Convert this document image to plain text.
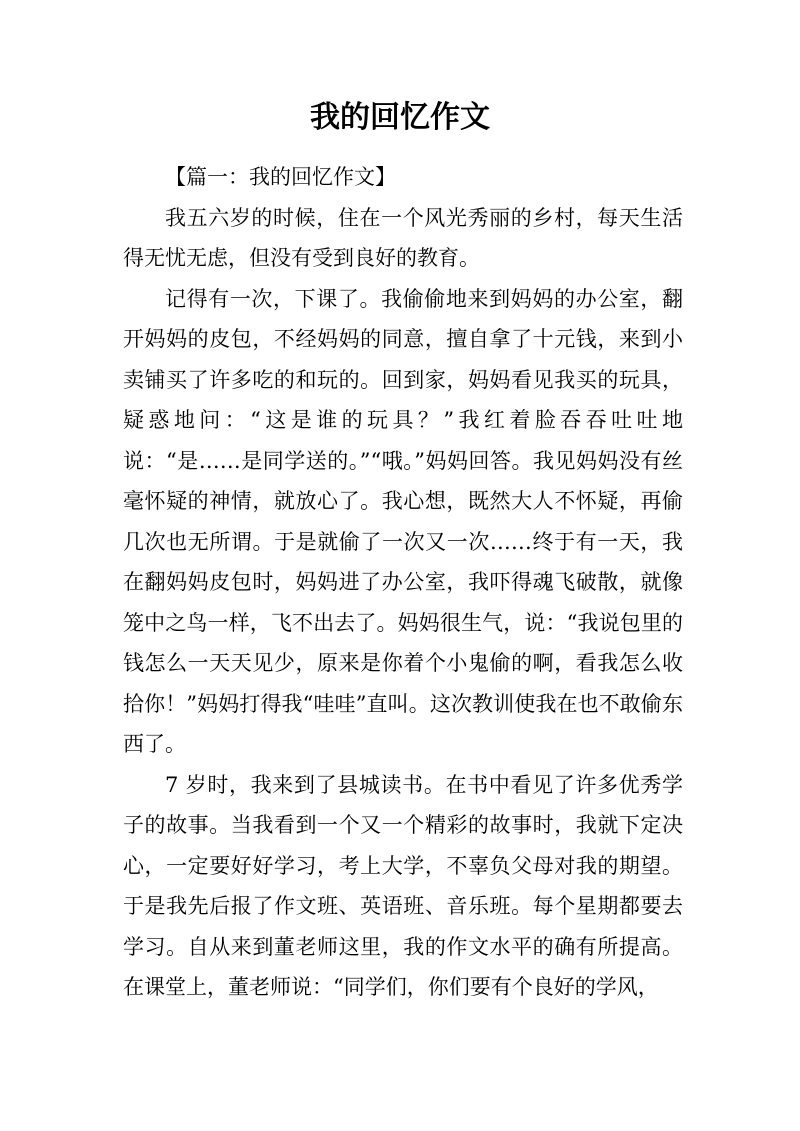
我的回忆作文

【篇一：我的回忆作文】

我五六岁的时候，住在一个风光秀丽的乡村，每天生活得无忧无虑，但没有受到良好的教育。

记得有一次，下课了。我偷偷地来到妈妈的办公室，翻开妈妈的皮包，不经妈妈的同意，擅自拿了十元钱，来到小卖铺买了许多吃的和玩的。回到家，妈妈看见我买的玩具，疑惑地问：“这是谁的玩具？”我红着脸吞吞吐吐地说：“是……是同学送的。”“哦。”妈妈回答。我见妈妈没有丝毫怀疑的神情，就放心了。我心想，既然大人不怀疑，再偷几次也无所谓。于是就偷了一次又一次……终于有一天，我在翻妈妈皮包时，妈妈进了办公室，我吓得魂飞破散，就像笼中之鸟一样，飞不出去了。妈妈很生气，说：“我说包里的钱怎么一天天见少，原来是你着个小鬼偷的啊，看我怎么收拾你！”妈妈打得我“哇哇”直叫。这次教训使我在也不敢偷东西了。

7 岁时，我来到了县城读书。在书中看见了许多优秀学子的故事。当我看到一个又一个精彩的故事时，我就下定决心，一定要好好学习，考上大学，不辜负父母对我的期望。于是我先后报了作文班、英语班、音乐班。每个星期都要去学习。自从来到董老师这里，我的作文水平的确有所提高。在课堂上，董老师说：“同学们，你们要有个良好的学风，
